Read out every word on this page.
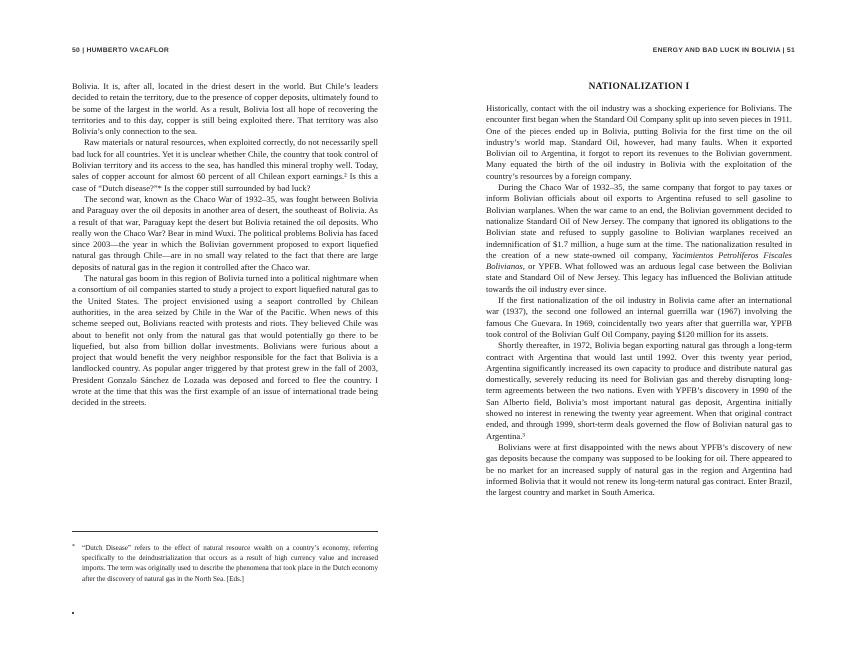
50 | HUMBERTO VACAFLOR

Bolivia. It is, after all, located in the driest desert in the world. But Chile’s leaders decided to retain the territory, due to the presence of copper deposits, ultimately found to be some of the largest in the world. As a result, Bolivia lost all hope of recovering the territories and to this day, copper is still being exploited there. That territory was also Bolivia’s only connection to the sea.

Raw materials or natural resources, when exploited correctly, do not necessarily spell bad luck for all countries. Yet it is unclear whether Chile, the country that took control of Bolivian territory and its access to the sea, has handled this mineral trophy well. Today, sales of copper account for almost 60 percent of all Chilean export earnings.² Is this a case of “Dutch disease?”* Is the copper still surrounded by bad luck?

The second war, known as the Chaco War of 1932–35, was fought between Bolivia and Paraguay over the oil deposits in another area of desert, the southeast of Bolivia. As a result of that war, Paraguay kept the desert but Bolivia retained the oil deposits. Who really won the Chaco War? Bear in mind Wuxi. The political problems Bolivia has faced since 2003—the year in which the Bolivian government proposed to export liquefied natural gas through Chile—are in no small way related to the fact that there are large deposits of natural gas in the region it controlled after the Chaco war.

The natural gas boom in this region of Bolivia turned into a political nightmare when a consortium of oil companies started to study a project to export liquefied natural gas to the United States. The project envisioned using a seaport controlled by Chilean authorities, in the area seized by Chile in the War of the Pacific. When news of this scheme seeped out, Bolivians reacted with protests and riots. They believed Chile was about to benefit not only from the natural gas that would potentially go there to be liquefied, but also from billion dollar investments. Bolivians were furious about a project that would benefit the very neighbor responsible for the fact that Bolivia is a landlocked country. As popular anger triggered by that protest grew in the fall of 2003, President Gonzalo Sánchez de Lozada was deposed and forced to flee the country. I wrote at the time that this was the first example of an issue of international trade being decided in the streets.

* “Dutch Disease” refers to the effect of natural resource wealth on a country’s economy, referring specifically to the deindustrialization that occurs as a result of high currency value and increased imports. The term was originally used to describe the phenomena that took place in the Dutch economy after the discovery of natural gas in the North Sea. [Eds.]
ENERGY AND BAD LUCK IN BOLIVIA | 51
NATIONALIZATION I

Historically, contact with the oil industry was a shocking experience for Bolivians. The encounter first began when the Standard Oil Company split up into seven pieces in 1911. One of the pieces ended up in Bolivia, putting Bolivia for the first time on the oil industry’s world map. Standard Oil, however, had many faults. When it exported Bolivian oil to Argentina, it forgot to report its revenues to the Bolivian government. Many equated the birth of the oil industry in Bolivia with the exploitation of the country’s resources by a foreign company.

During the Chaco War of 1932–35, the same company that forgot to pay taxes or inform Bolivian officials about oil exports to Argentina refused to sell gasoline to Bolivian warplanes. When the war came to an end, the Bolivian government decided to nationalize Standard Oil of New Jersey. The company that ignored its obligations to the Bolivian state and refused to supply gasoline to Bolivian warplanes received an indemnification of $1.7 million, a huge sum at the time. The nationalization resulted in the creation of a new state-owned oil company, Yacimientos Petrolíferos Fiscales Bolivianos, or YPFB. What followed was an arduous legal case between the Bolivian state and Standard Oil of New Jersey. This legacy has influenced the Bolivian attitude towards the oil industry ever since.

If the first nationalization of the oil industry in Bolivia came after an international war (1937), the second one followed an internal guerrilla war (1967) involving the famous Che Guevara. In 1969, coincidentally two years after that guerrilla war, YPFB took control of the Bolivian Gulf Oil Company, paying $120 million for its assets.

Shortly thereafter, in 1972, Bolivia began exporting natural gas through a long-term contract with Argentina that would last until 1992. Over this twenty year period, Argentina significantly increased its own capacity to produce and distribute natural gas domestically, severely reducing its need for Bolivian gas and thereby disrupting long-term agreements between the two nations. Even with YPFB’s discovery in 1990 of the San Alberto field, Bolivia’s most important natural gas deposit, Argentina initially showed no interest in renewing the twenty year agreement. When that original contract ended, and through 1999, short-term deals governed the flow of Bolivian natural gas to Argentina.³

Bolivians were at first disappointed with the news about YPFB’s discovery of new gas deposits because the company was supposed to be looking for oil. There appeared to be no market for an increased supply of natural gas in the region and Argentina had informed Bolivia that it would not renew its long-term natural gas contract. Enter Brazil, the largest country and market in South America.
